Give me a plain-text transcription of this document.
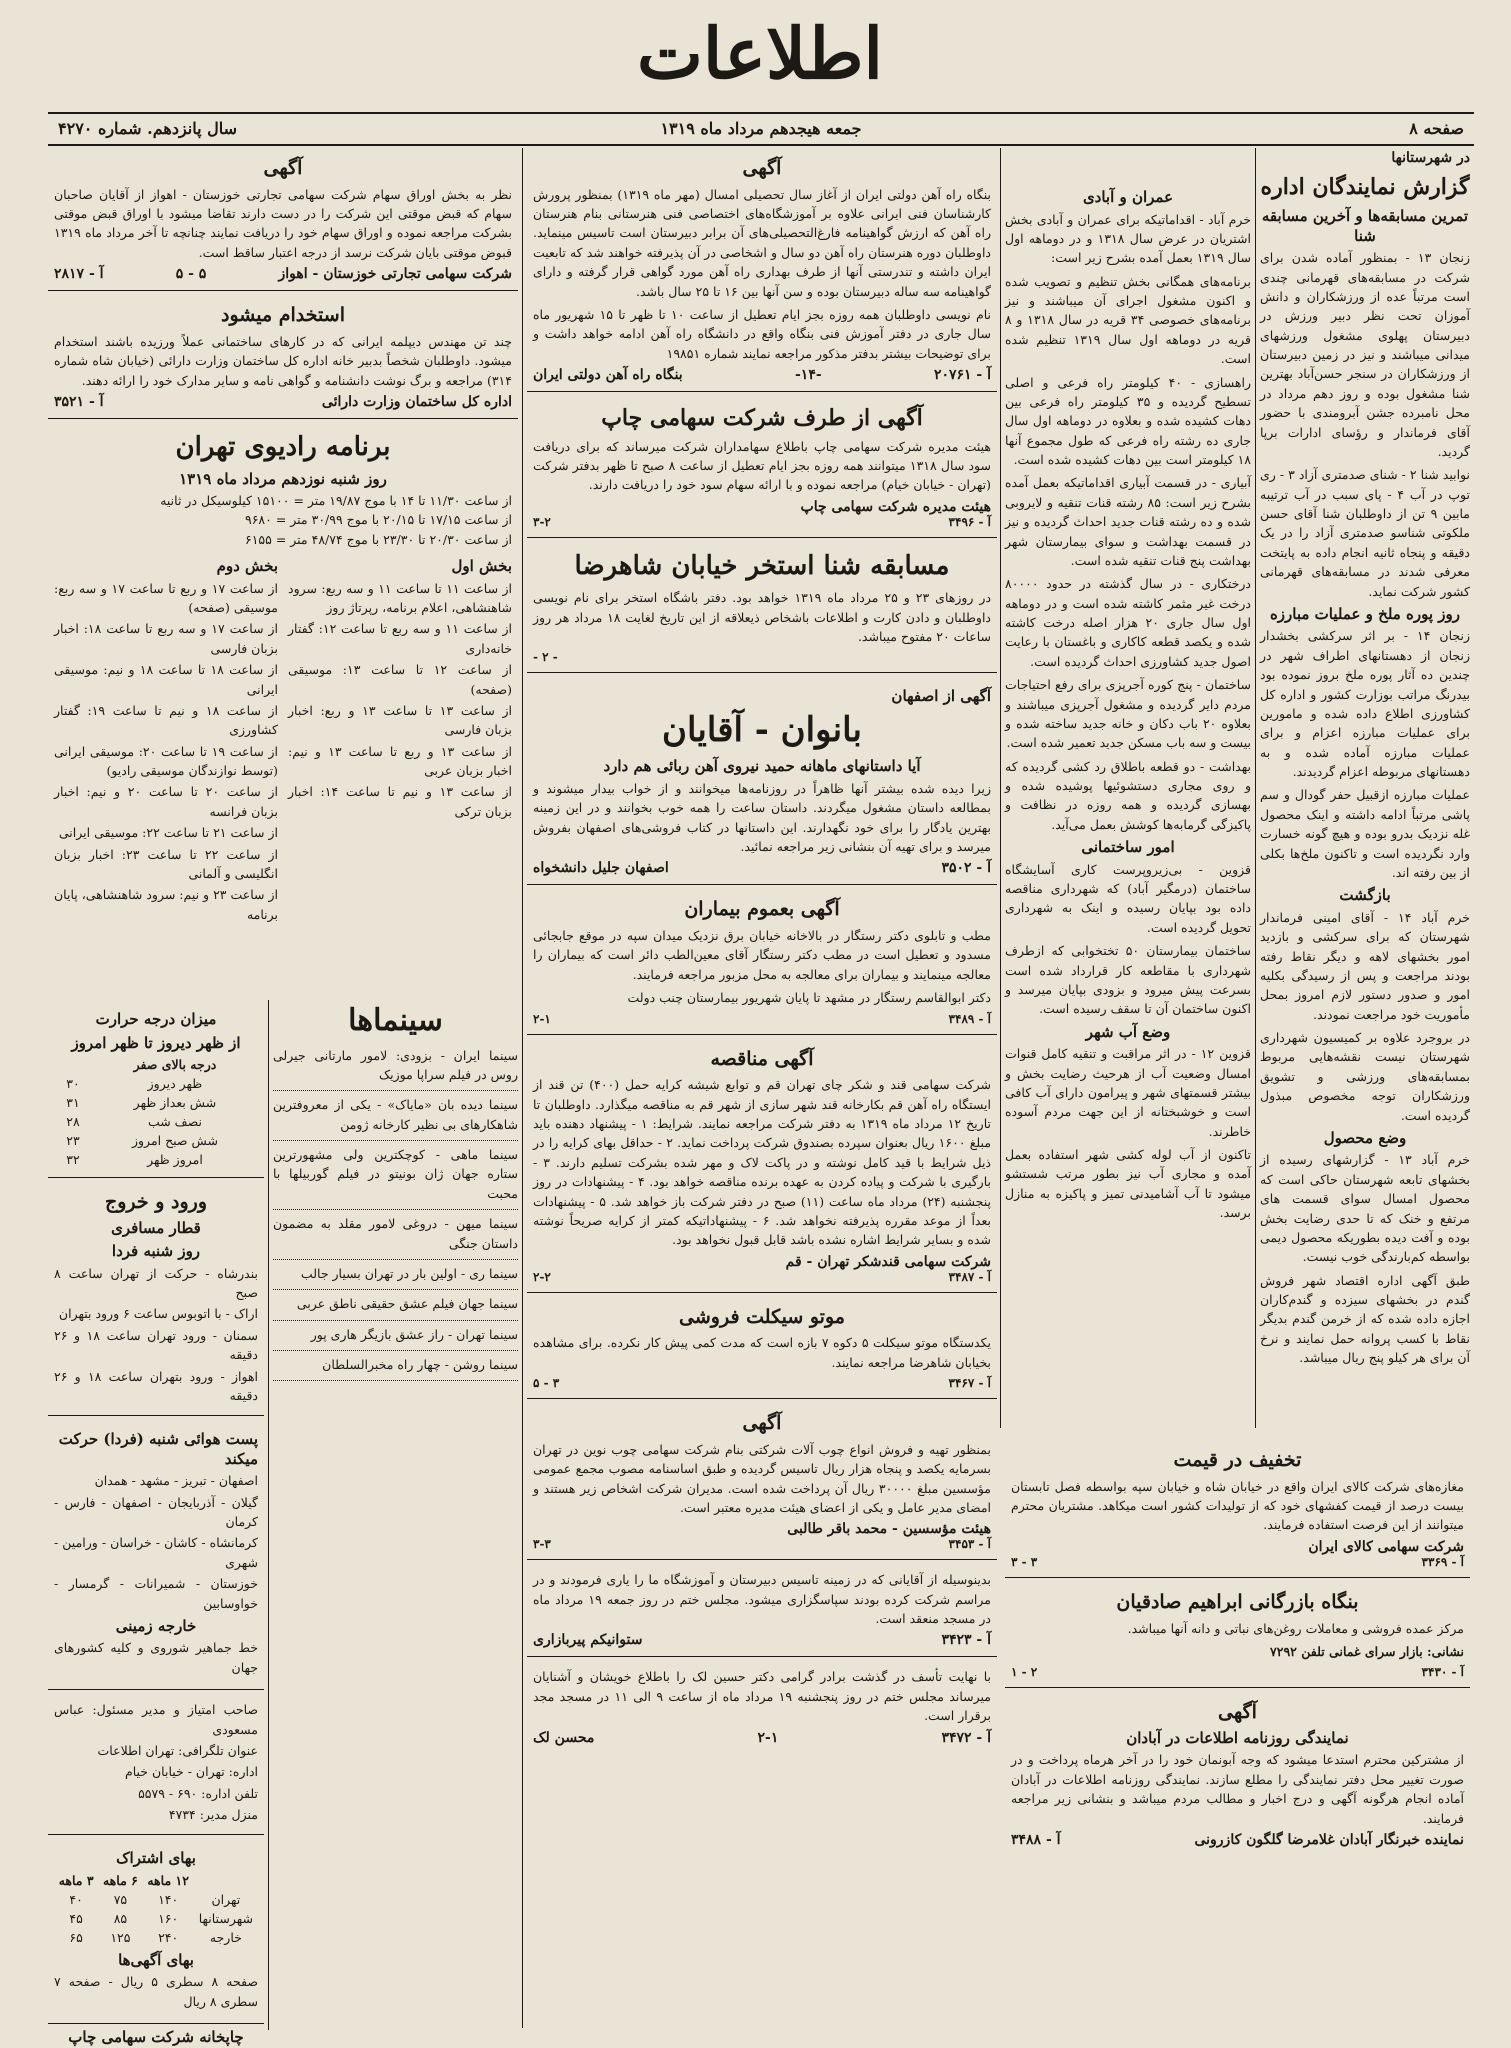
اطلاعات
صفحه ۸
جمعه هیجدهم مرداد ماه ۱۳۱۹
سال پانزدهم. شماره ۴۲۷۰
در شهرستانها
گزارش نمایندگان اداره
تمرین مسابقه‌ها و آخرین مسابقه شنا

زنجان ۱۳ - بمنظور آماده شدن برای شرکت در مسابقه‌های قهرمانی چندی است مرتباً عده از ورزشکاران و دانش آموزان تحت نظر دبیر ورزش در دبیرستان پهلوی مشغول ورزشهای میدانی میباشند و نیز در زمین دبیرستان از ورزشکاران در سنجر حسن‌آباد بهترین شنا مشغول بوده و روز دهم مرداد در محل نامبرده جشن آبرومندی با حضور آقای فرماندار و رؤسای ادارات برپا گردید.

نوابید شنا ۲ - شنای صدمتری آزاد ۳ - ری توپ در آب ۴ - پای سبب در آب ترتیبه مابین ۹ تن از داوطلبان شنا آقای حسن ملکوتی شناسو صدمتری آزاد را در یک دقیقه و پنجاه ثانیه انجام داده به پایتخت معرفی شدند در مسابقه‌های قهرمانی کشور شرکت نماید.

روز پوره ملخ و عملیات مبارزه

زنجان ۱۴ - بر اثر سرکشی بخشدار زنجان از دهستانهای اطراف شهر در چندین ده آثار پوره ملخ بروز نموده بود بیدرنگ مراتب بوزارت کشور و اداره کل کشاورزی اطلاع داده شده و مامورین برای عملیات مبارزه اعزام و برای عملیات مبارزه آماده شده و به دهستانهای مربوطه اعزام گردیدند.

عملیات مبارزه ازقبیل حفر گودال و سم پاشی مرتباً ادامه داشته و اینک محصول غله نزدیک بدرو بوده و هیچ گونه خسارت وارد نگردیده است و تاکنون ملخ‌ها بکلی از بین رفته اند.

بازگشت

خرم آباد ۱۴ - آقای امینی فرماندار شهرستان که برای سرکشی و بازدید امور بخشهای لاهه و دیگر نقاط رفته بودند مراجعت و پس از رسیدگی بکلیه امور و صدور دستور لازم امروز بمحل مأموریت خود مراجعت نمودند.

در بروجرد علاوه بر کمیسیون شهرداری شهرستان نیست نقشه‌هایی مربوط بمسابقه‌های ورزشی و تشویق ورزشکاران توجه مخصوص مبذول گردیده است.

وضع محصول

خرم آباد ۱۳ - گزارشهای رسیده از بخشهای تابعه شهرستان حاکی است که محصول امسال سوای قسمت های مرتفع و خنک که تا حدی رضایت بخش بوده و آفت دیده بطوریکه محصول دیمی بواسطه کم‌بارندگی خوب نیست.

طبق آگهی اداره اقتصاد شهر فروش گندم در بخشهای سیزده و گندم‌کاران اجازه داده شده که از خرمن گندم بدیگر نقاط با کسب پروانه حمل نمایند و نرخ آن برای هر کیلو پنج ریال میباشد.

عمران و آبادی

خرم آباد - اقداماتیکه برای عمران و آبادی بخش اشتریان در عرض سال ۱۳۱۸ و در دوماهه اول سال ۱۳۱۹ بعمل آمده بشرح زیر است:

برنامه‌های همگانی بخش تنظیم و تصویب شده و اکنون مشغول اجرای آن میباشند و نیز برنامه‌های خصوصی ۳۴ قریه در سال ۱۳۱۸ و ۸ قریه در دوماهه اول سال ۱۳۱۹ تنظیم شده است.

راهسازی - ۴۰ کیلومتر راه فرعی و اصلی تسطیح گردیده و ۳۵ کیلومتر راه فرعی بین دهات کشیده شده و بعلاوه در دوماهه اول سال جاری ده رشته راه فرعی که طول مجموع آنها ۱۸ کیلومتر است بین دهات کشیده شده است.

آبیاری - در قسمت آبیاری اقداماتیکه بعمل آمده بشرح زیر است: ۸۵ رشته قنات تنقیه و لایروبی شده و ده رشته قنات جدید احداث گردیده و نیز در قسمت بهداشت و سوای بیمارستان شهر بهداشت پنج قنات تنقیه شده است.

درختکاری - در سال گذشته در حدود ۸۰۰۰۰ درخت غیر مثمر کاشته شده است و در دوماهه اول سال جاری ۲۰ هزار اصله درخت کاشته شده و یکصد قطعه کاکاری و باغستان با رعایت اصول جدید کشاورزی احداث گردیده است.

ساختمان - پنج کوره آجرپزی برای رفع احتیاجات مردم دایر گردیده و مشغول آجرپزی میباشند و بعلاوه ۲۰ باب دکان و خانه جدید ساخته شده و بیست و سه باب مسکن جدید تعمیر شده است.

بهداشت - دو قطعه باطلاق رد کشی گردیده که و روی مجاری دستشوئیها پوشیده شده و بهسازی گردیده و همه روزه در نظافت و پاکیزگی گرمابه‌ها کوشش بعمل می‌آید.

امور ساختمانی

قزوین - بی‌زیروپرست کاری آسایشگاه ساختمان (درمگیر آباد) که شهرداری مناقصه داده بود بپایان رسیده و اینک به شهرداری تحویل گردیده است.

ساختمان بیمارستان ۵۰ تختخوابی که ازطرف شهرداری با مقاطعه کار قرارداد شده است بسرعت پیش میرود و بزودی بپایان میرسد و اکنون ساختمان آن تا سقف رسیده است.

وضع آب شهر

قزوین ۱۲ - در اثر مراقبت و تنقیه کامل قنوات امسال وضعیت آب از هرحیث رضایت بخش و بیشتر قسمتهای شهر و پیرامون دارای آب کافی است و خوشبختانه از این جهت مردم آسوده خاطرند.

تاکنون از آب لوله کشی شهر استفاده بعمل آمده و مجاری آب نیز بطور مرتب شستشو میشود تا آب آشامیدنی تمیز و پاکیزه به منازل برسد.

تخفیف در قیمت

مغازه‌های شرکت کالای ایران واقع در خیابان شاه و خیابان سپه بواسطه فصل تابستان بیست درصد از قیمت کفشهای خود که از تولیدات کشور است میکاهد. مشتریان محترم میتوانند از این فرصت استفاده فرمایند.

شرکت سهامی کالای ایران
آ - ۳۳۶۹
۳ - ۳
بنگاه بازرگانی ابراهیم صادقیان

مرکز عمده فروشی و معاملات روغن‌های نباتی و دانه آنها میباشد.

نشانی: بازار سرای غمانی تلفن ۷۲۹۲

آ - ۳۴۳۰
۲ - ۱
آگهی
نمایندگی روزنامه اطلاعات در آبادان

از مشترکین محترم استدعا میشود که وجه آبونمان خود را در آخر هرماه پرداخت و در صورت تغییر محل دفتر نمایندگی را مطلع سازند. نمایندگی روزنامه اطلاعات در آبادان آماده انجام هرگونه آگهی و درج اخبار و مطالب مردم میباشد و بنشانی زیر مراجعه فرمایند.

نماینده خبرنگار آبادان غلامرضا گلگون کازرونی
آ - ۳۴۸۸
آگهی

بنگاه راه آهن دولتی ایران از آغاز سال تحصیلی امسال (مهر ماه ۱۳۱۹) بمنظور پرورش کارشناسان فنی ایرانی علاوه بر آموزشگاه‌های اختصاصی فنی هنرستانی بنام هنرستان راه آهن که ارزش گواهینامه فارغ‌التحصیلی‌های آن برابر دبیرستان است تاسیس مینماید. داوطلبان دوره هنرستان راه آهن دو سال و اشخاصی در آن پذیرفته خواهند شد که تابعیت ایران داشته و تندرستی آنها از طرف بهداری راه آهن مورد گواهی قرار گرفته و دارای گواهینامه سه ساله دبیرستان بوده و سن آنها بین ۱۶ تا ۲۵ سال باشد.

نام نویسی داوطلبان همه روزه بجز ایام تعطیل از ساعت ۱۰ تا ظهر تا ۱۵ شهریور ماه سال جاری در دفتر آموزش فنی بنگاه واقع در دانشگاه راه آهن ادامه خواهد داشت و برای توضیحات بیشتر بدفتر مذکور مراجعه نمایند شماره ۱۹۸۵۱

آ - ۲۰۷۶۱
-۱۴-
بنگاه راه آهن دولتی ایران
آگهی از طرف شرکت سهامی چاپ

هیئت مدیره شرکت سهامی چاپ باطلاع سهامداران شرکت میرساند که برای دریافت سود سال ۱۳۱۸ میتوانند همه روزه بجز ایام تعطیل از ساعت ۸ صبح تا ظهر بدفتر شرکت (تهران - خیابان خیام) مراجعه نموده و با ارائه سهام سود خود را دریافت دارند.

هیئت مدیره شرکت سهامی چاپ
آ - ۳۴۹۶
۳-۲
مسابقه شنا استخر خیابان شاهرضا

در روزهای ۲۳ و ۲۵ مرداد ماه ۱۳۱۹ خواهد بود. دفتر باشگاه استخر برای نام نویسی داوطلبان و دادن کارت و اطلاعات باشخاص ذیعلاقه از این تاریخ لغایت ۱۸ مرداد هر روز ساعات ۲۰ مفتوح میباشد.

- ۲ -
آگهی از اصفهان
بانوان - آقایان
آیا داستانهای ماهانه حمید نیروی آهن ربائی هم دارد

زیرا دیده شده بیشتر آنها ظاهراً در روزنامه‌ها میخوانند و از خواب بیدار میشوند و بمطالعه داستان مشغول میگردند. داستان ساعت را همه خوب بخوانند و در این زمینه بهترین یادگار را برای خود نگهدارند. این داستانها در کتاب فروشی‌های اصفهان بفروش میرسد و برای تهیه آن بنشانی زیر مراجعه نمائید.

آ - ۳۵۰۲
اصفهان جلیل دانشخواه
آگهی بعموم بیماران

مطب و تابلوی دکتر رستگار در بالاخانه خیابان برق نزدیک میدان سپه در موقع جابجائی مسدود و تعطیل است در مطب دکتر رستگار آقای معین‌الطب دائر است که بیماران را معالجه مینمایند و بیماران برای معالجه به محل مزبور مراجعه فرمایند.

دکتر ابوالقاسم رستگار در مشهد تا پایان شهریور بیمارستان چنب دولت

آ - ۳۴۸۹
۲-۱
آگهی مناقصه

شرکت سهامی قند و شکر چای تهران قم و توابع شیشه کرایه حمل (۴۰۰) تن قند از ایستگاه راه آهن قم بکارخانه قند شهر سازی از شهر قم به مناقصه میگذارد. داوطلبان تا تاریخ ۱۲ مرداد ماه ۱۳۱۹ به دفتر شرکت مراجعه نمایند. شرایط: ۱ - پیشنهاد دهنده باید مبلغ ۱۶۰۰ ریال بعنوان سپرده بصندوق شرکت پرداخت نماید. ۲ - حداقل بهای کرایه را در ذیل شرایط با قید کامل نوشته و در پاکت لاک و مهر شده بشرکت تسلیم دارند. ۳ - بارگیری با شرکت و پیاده کردن به عهده برنده مناقصه خواهد بود. ۴ - پیشنهادات در روز پنجشنبه (۲۴) مرداد ماه ساعت (۱۱) صبح در دفتر شرکت باز خواهد شد. ۵ - پیشنهادات بعداً از موعد مقرره پذیرفته نخواهد شد. ۶ - پیشنهاداتیکه کمتر از کرایه صریحاً نوشته شده و بسایر شرایط اشاره نشده باشد قابل قبول نخواهد بود.

شرکت سهامی قندشکر تهران - قم
آ - ۳۴۸۷
۲-۲
موتو سیکلت فروشی

یکدستگاه موتو سیکلت ۵ دکوه ۷ بازه است که مدت کمی پیش کار نکرده. برای مشاهده بخیابان شاهرضا مراجعه نمایند.

آ - ۳۴۶۷
۳ - ۵
آگهی

بمنظور تهیه و فروش انواع چوب آلات شرکتی بنام شرکت سهامی چوب نوین در تهران بسرمایه یکصد و پنجاه هزار ریال تاسیس گردیده و طبق اساسنامه مصوب مجمع عمومی مؤسسین مبلغ ۳۰۰۰۰ ریال آن پرداخت شده است. مدیران شرکت اشخاص زیر هستند و امضای مدیر عامل و یکی از اعضای هیئت مدیره معتبر است.

هیئت مؤسسین - محمد باقر طالبی
آ - ۳۴۵۳
۳-۳

بدینوسیله از آقایانی که در زمینه تاسیس دبیرستان و آموزشگاه ما را یاری فرمودند و در مراسم شرکت کرده بودند سپاسگزاری میشود. مجلس ختم در روز جمعه ۱۹ مرداد ماه در مسجد منعقد است.

آ - ۳۴۲۳
ستوانیکم پیربازاری

با نهایت تأسف در گذشت برادر گرامی دکتر حسین لک را باطلاع خویشان و آشنایان میرساند مجلس ختم در روز پنجشنبه ۱۹ مرداد ماه از ساعت ۹ الی ۱۱ در مسجد مجد برقرار است.

آ - ۳۴۷۲
۲-۱
محسن لک
آگهی

نظر به بخش اوراق سهام شرکت سهامی تجارتی خوزستان - اهواز از آقایان صاحبان سهام که قبض موقتی این شرکت را در دست دارند تقاضا میشود با اوراق قبض موقتی بشرکت مراجعه نموده و اوراق سهام خود را دریافت نمایند چنانچه تا آخر مرداد ماه ۱۳۱۹ قبوض موقتی بایان شرکت نرسد از درجه اعتبار ساقط است.

شرکت سهامی تجارتی خوزستان - اهواز
۵ - ۵
آ - ۲۸۱۷
استخدام میشود

چند تن مهندس دیپلمه ایرانی که در کارهای ساختمانی عملاً ورزیده باشند استخدام میشود. داوطلبان شخصاً بدبیر خانه اداره کل ساختمان وزارت دارائی (خیابان شاه شماره ۳۱۴) مراجعه و برگ نوشت دانشنامه و گواهی نامه و سایر مدارک خود را ارائه دهند.

اداره کل ساختمان وزارت دارائی
آ - ۳۵۲۱
برنامه رادیوی تهران
روز شنبه نوزدهم مرداد ماه ۱۳۱۹

از ساعت ۱۱/۳۰ تا ۱۴ با موج ۱۹/۸۷ متر = ۱۵۱۰۰ کیلوسیکل در ثانیه

از ساعت ۱۷/۱۵ تا ۲۰/۱۵ با موج ۳۰/۹۹ متر = ۹۶۸۰

از ساعت ۲۰/۳۰ تا ۲۳/۳۰ با موج ۴۸/۷۴ متر = ۶۱۵۵

بخش اول

از ساعت ۱۱ تا ساعت ۱۱ و سه ربع: سرود شاهنشاهی، اعلام برنامه، رپرتاژ روز

از ساعت ۱۱ و سه ربع تا ساعت ۱۲: گفتار خانه‌داری

از ساعت ۱۲ تا ساعت ۱۳: موسیقی (صفحه)

از ساعت ۱۳ تا ساعت ۱۳ و ربع: اخبار بزبان فارسی

از ساعت ۱۳ و ربع تا ساعت ۱۳ و نیم: اخبار بزبان عربی

از ساعت ۱۳ و نیم تا ساعت ۱۴: اخبار بزبان ترکی

بخش دوم

از ساعت ۱۷ و ربع تا ساعت ۱۷ و سه ربع: موسیقی (صفحه)

از ساعت ۱۷ و سه ربع تا ساعت ۱۸: اخبار بزبان فارسی

از ساعت ۱۸ تا ساعت ۱۸ و نیم: موسیقی ایرانی

از ساعت ۱۸ و نیم تا ساعت ۱۹: گفتار کشاورزی

از ساعت ۱۹ تا ساعت ۲۰: موسیقی ایرانی (توسط نوازندگان موسیقی رادیو)

از ساعت ۲۰ تا ساعت ۲۰ و نیم: اخبار بزبان فرانسه

از ساعت ۲۱ تا ساعت ۲۲: موسیقی ایرانی

از ساعت ۲۲ تا ساعت ۲۳: اخبار بزبان انگلیسی و آلمانی

از ساعت ۲۳ و نیم: سرود شاهنشاهی، پایان برنامه

سینماها

سینما ایران - بزودی: لامور مارتانی جیرلی روس در فیلم سراپا موزیک

سینما دیده بان «مایاک» - یکی از معروفترین شاهکارهای بی نظیر کارخانه ژومن

سینما ماهی - کوچکترین ولی مشهورترین ستاره جهان ژان بونیتو در فیلم گوربیلها با محبت

سینما میهن - دروغی لامور مقلد به مضمون داستان جنگی

سینما ری - اولین بار در تهران بسیار جالب

سینما جهان فیلم عشق حقیقی ناطق عربی

سینما تهران - راز عشق بازیگر هاری پور

سینما روشن - چهار راه مخبرالسلطان

میزان درجه حرارت
از ظهر دیروز تا ظهر امروز
درجه بالای صفر	
ظهر دیروز	۳۰
شش بعداز ظهر	۳۱
نصف شب	۲۸
شش صبح امروز	۲۳
امروز ظهر	۳۲
ورود و خروج
قطار مسافری
روز شنبه فردا

بندرشاه - حرکت از تهران ساعت ۸ صبح

اراک - با اتوبوس ساعت ۶ ورود بتهران

سمنان - ورود تهران ساعت ۱۸ و ۲۶ دقیقه

اهواز - ورود بتهران ساعت ۱۸ و ۲۶ دقیقه

پست هوائی شنبه (فردا) حرکت میکند

اصفهان - تبریز - مشهد - همدان

گیلان - آذربایجان - اصفهان - فارس - کرمان

کرمانشاه - کاشان - خراسان - ورامین - شهری

خوزستان - شمیرانات - گرمسار - خواوسابین

خارجه زمینی

خط جماهیر شوروی و کلیه کشورهای جهان

صاحب امتیاز و مدیر مسئول: عباس مسعودی

عنوان تلگرافی: تهران اطلاعات

اداره: تهران - خیابان خیام

تلفن اداره: ۶۹۰ - ۵۵۷۹

منزل مدیر: ۴۷۳۴

بهای اشتراک
	۱۲ ماهه	۶ ماهه	۳ ماهه
تهران	۱۴۰	۷۵	۴۰
شهرستانها	۱۶۰	۸۵	۴۵
خارجه	۲۴۰	۱۲۵	۶۵
بهای آگهی‌ها

صفحه ۸ سطری ۵ ریال - صفحه ۷ سطری ۸ ریال

چاپخانه شرکت سهامی چاپ
